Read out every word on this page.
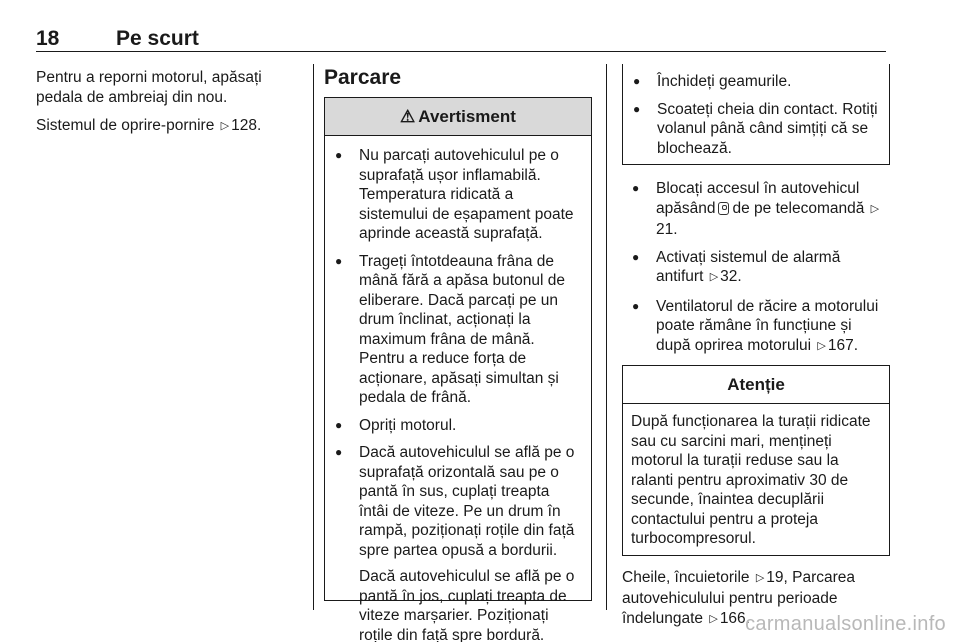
18	Pe scurt

Pentru a reporni motorul, apăsați pedala de ambreiaj din nou.

Sistemul de oprire-pornire ▷ 128.

Parcare
⚠ Avertisment
● Nu parcați autovehiculul pe o suprafață ușor inflamabilă. Temperatura ridicată a sistemului de eșapament poate aprinde această suprafață.
● Trageți întotdeauna frâna de mână fără a apăsa butonul de eliberare. Dacă parcați pe un drum înclinat, acționați la maximum frâna de mână. Pentru a reduce forța de acționare, apăsați simultan și pedala de frână.
● Opriți motorul.
● Dacă autovehiculul se află pe o suprafață orizontală sau pe o pantă în sus, cuplați treapta întâi de viteze. Pe un drum în rampă, poziționați roțile din față spre partea opusă a bordurii.
Dacă autovehiculul se află pe o pantă în jos, cuplați treapta de viteze marșarier. Poziționați roțile din față spre bordură.
● Închideți geamurile.
● Scoateți cheia din contact. Rotiți volanul până când simțiți că se blochează.
● Blocați accesul în autovehicul apăsând de pe telecomandă ▷21.
● Activați sistemul de alarmă antifurt ▷ 32.
● Ventilatorul de răcire a motorului poate rămâne în funcțiune și după oprirea motorului ▷ 167.
Atenție
După funcționarea la turații ridicate sau cu sarcini mari, mențineți motorul la turații reduse sau la ralanti pentru aproximativ 30 de secunde, înaintea decuplării contactului pentru a proteja turbocompresorul.

Cheile, încuietorile ▷ 19, Parcarea autovehiculului pentru perioade îndelungate ▷ 166.

carmanualsonline.info
